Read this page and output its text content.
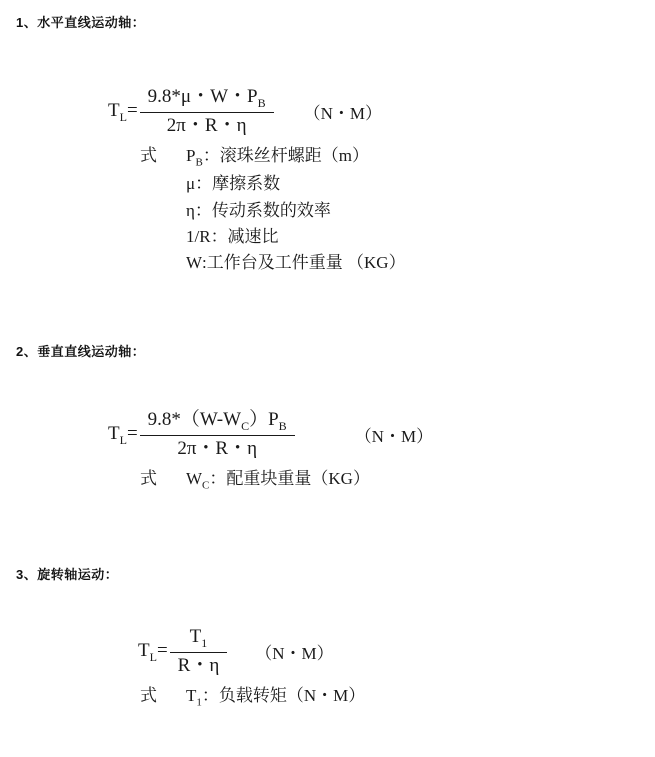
1、水平直线运动轴：
$T_L= \frac{9.8*\mu・W・P_B}{2\pi・R・\eta}$	（N・M）
式 $P_B$：滚珠丝杆螺距（m）
μ：摩擦系数
η：传动系数的效率
1/R：减速比
W:工作台及工件重量 （KG）
2、垂直直线运动轴：
$T_L= \frac{9.8*(W-W_C)P_B}{2\pi・R・\eta}$	（N・M）
式 $W_C$：配重块重量（KG）
3、旋转轴运动：
$T_L= \frac{T_1}{R・\eta}$	（N・M）
式 $T_1$：负载转矩（N・M）
